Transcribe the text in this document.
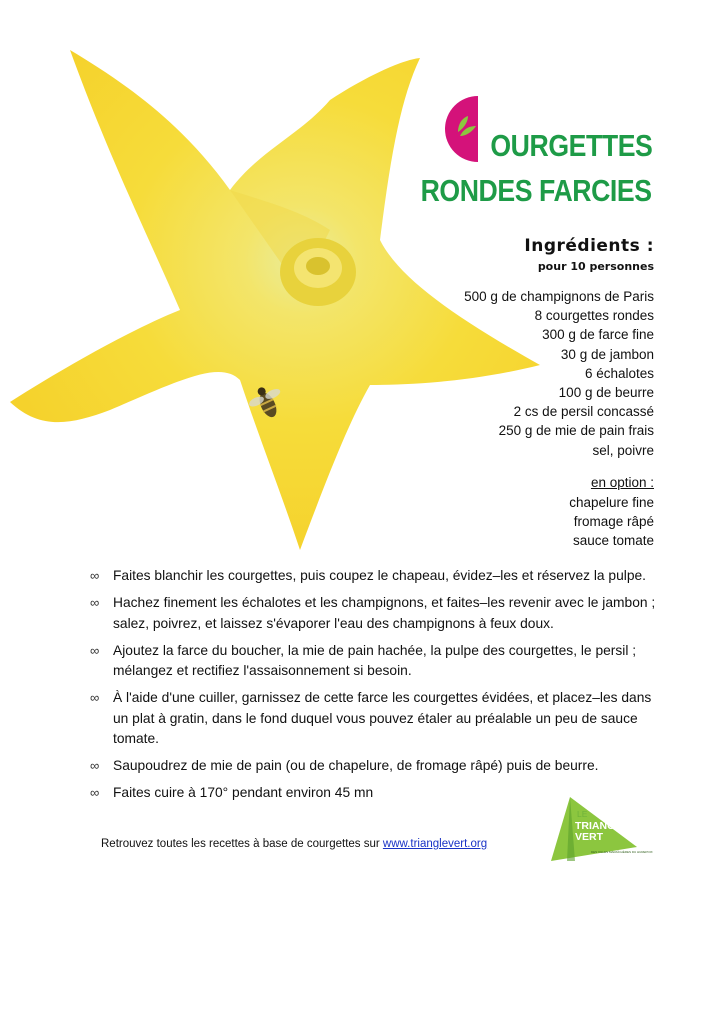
OURGETTES
RONDES FARCIES
Ingrédients :
pour 10 personnes
500 g de champignons de Paris
8 courgettes rondes
300 g de farce fine
30 g de jambon
6 échalotes
100 g de beurre
2 cs de persil concassé
250 g de mie de pain frais
sel, poivre
en option :
chapelure fine
fromage râpé
sauce tomate
∞ Faites blanchir les courgettes, puis coupez le chapeau, évidez–les et réservez la pulpe.
∞ Hachez finement les échalotes et les champignons, et faites–les revenir avec le jambon ; salez, poivrez, et laissez s'évaporer l'eau des champignons à feux doux.
∞ Ajoutez la farce du boucher, la mie de pain hachée, la pulpe des courgettes, le persil ; mélangez et rectifiez l'assaisonnement si besoin.
∞ À l'aide d'une cuiller, garnissez de cette farce les courgettes évidées, et placez–les dans un plat à gratin, dans le fond duquel vous pouvez étaler au préalable un peu de sauce tomate.
∞ Saupoudrez de mie de pain (ou de chapelure, de fromage râpé) puis de beurre.
∞ Faites cuire à 170° pendant environ 45 mn
Retrouvez toutes les recettes à base de courgettes sur www.trianglevert.org
LE
TRIANGLE
VERT
DES VILLES MARAÎCHÈRES DU HUREPOIX
